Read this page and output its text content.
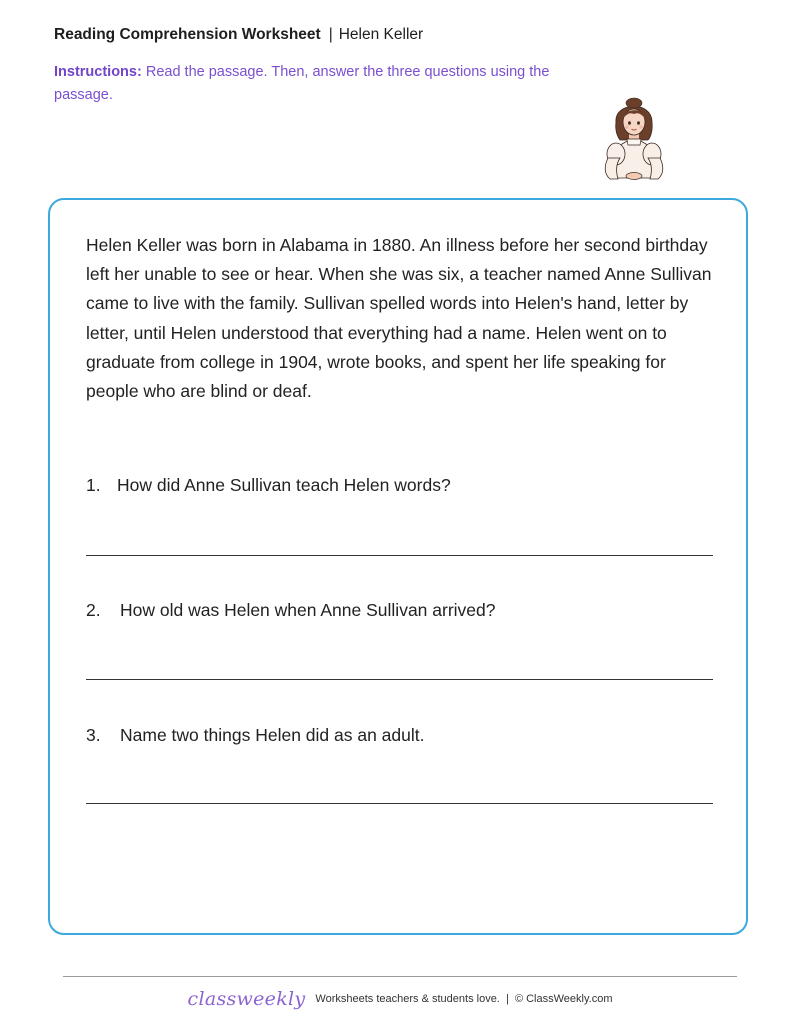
Reading Comprehension Worksheet | Helen Keller
Instructions: Read the passage. Then, answer the three questions using the passage.
Helen Keller was born in Alabama in 1880. An illness before her second birthday left her unable to see or hear. When she was six, a teacher named Anne Sullivan came to live with the family. Sullivan spelled words into Helen's hand, letter by letter, until Helen understood that everything had a name. Helen went on to graduate from college in 1904, wrote books, and spent her life speaking for people who are blind or deaf.
1. How did Anne Sullivan teach Helen words?
2. How old was Helen when Anne Sullivan arrived?
3. Name two things Helen did as an adult.
classweekly Worksheets teachers & students love.  |  © ClassWeekly.com
